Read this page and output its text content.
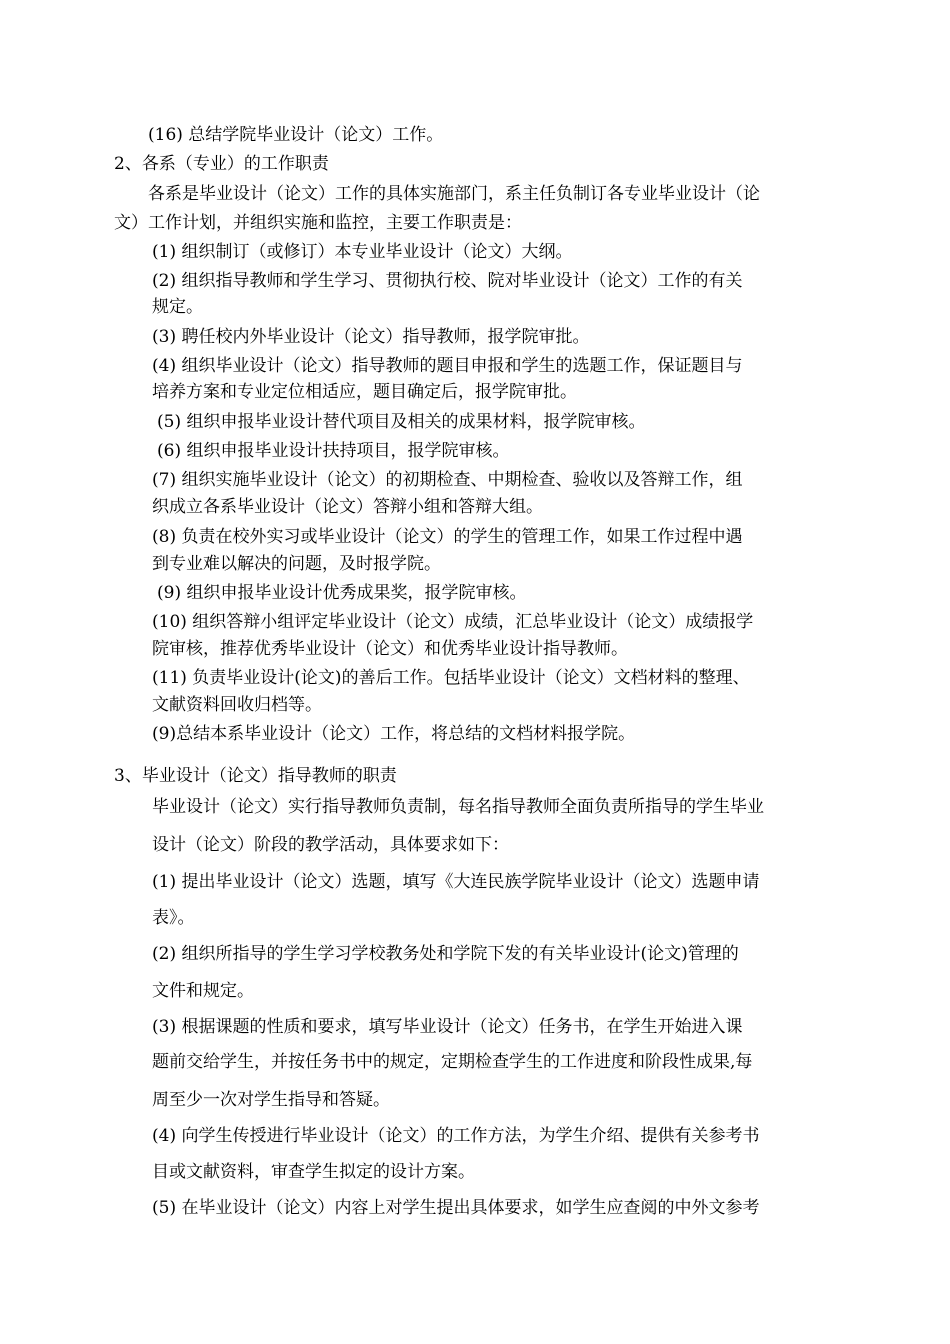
(16) 总结学院毕业设计（论文）工作。
2、各系（专业）的工作职责
各系是毕业设计（论文）工作的具体实施部门，系主任负制订各专业毕业设计（论
文）工作计划，并组织实施和监控，主要工作职责是：
(1) 组织制订（或修订）本专业毕业设计（论文）大纲。
(2) 组织指导教师和学生学习、贯彻执行校、院对毕业设计（论文）工作的有关
规定。
(3) 聘任校内外毕业设计（论文）指导教师，报学院审批。
(4) 组织毕业设计（论文）指导教师的题目申报和学生的选题工作，保证题目与
培养方案和专业定位相适应，题目确定后，报学院审批。
(5) 组织申报毕业设计替代项目及相关的成果材料，报学院审核。
(6) 组织申报毕业设计扶持项目，报学院审核。
(7) 组织实施毕业设计（论文）的初期检查、中期检查、验收以及答辩工作，组
织成立各系毕业设计（论文）答辩小组和答辩大组。
(8) 负责在校外实习或毕业设计（论文）的学生的管理工作，如果工作过程中遇
到专业难以解决的问题，及时报学院。
(9) 组织申报毕业设计优秀成果奖，报学院审核。
(10) 组织答辩小组评定毕业设计（论文）成绩，汇总毕业设计（论文）成绩报学
院审核，推荐优秀毕业设计（论文）和优秀毕业设计指导教师。
(11) 负责毕业设计(论文)的善后工作。包括毕业设计（论文）文档材料的整理、
文献资料回收归档等。
(9)总结本系毕业设计（论文）工作，将总结的文档材料报学院。
3、毕业设计（论文）指导教师的职责
毕业设计（论文）实行指导教师负责制，每名指导教师全面负责所指导的学生毕业
设计（论文）阶段的教学活动，具体要求如下：
(1) 提出毕业设计（论文）选题，填写《大连民族学院毕业设计（论文）选题申请
表》。
(2) 组织所指导的学生学习学校教务处和学院下发的有关毕业设计(论文)管理的
文件和规定。
(3) 根据课题的性质和要求，填写毕业设计（论文）任务书，在学生开始进入课
题前交给学生，并按任务书中的规定，定期检查学生的工作进度和阶段性成果,每
周至少一次对学生指导和答疑。
(4) 向学生传授进行毕业设计（论文）的工作方法，为学生介绍、提供有关参考书
目或文献资料，审查学生拟定的设计方案。
(5) 在毕业设计（论文）内容上对学生提出具体要求，如学生应查阅的中外文参考
